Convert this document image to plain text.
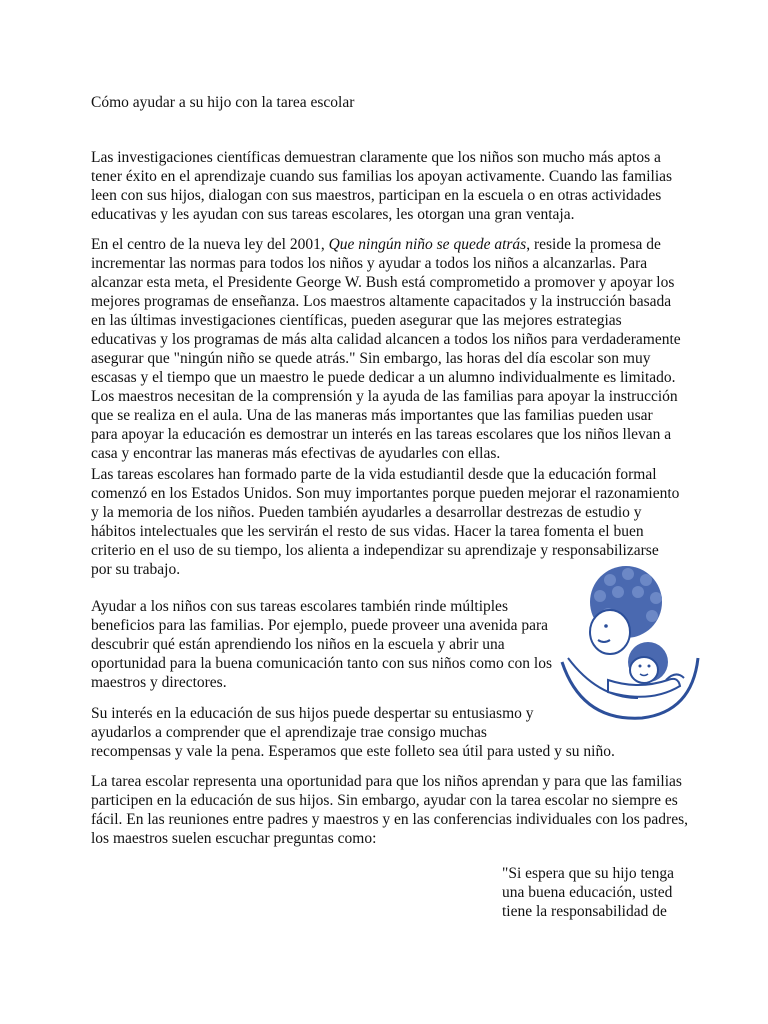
Cómo ayudar a su hijo con la tarea escolar

Las investigaciones científicas demuestran claramente que los niños son mucho más aptos a tener éxito en el aprendizaje cuando sus familias los apoyan activamente. Cuando las familias leen con sus hijos, dialogan con sus maestros, participan en la escuela o en otras actividades educativas y les ayudan con sus tareas escolares, les otorgan una gran ventaja.

En el centro de la nueva ley del 2001, Que ningún niño se quede atrás, reside la promesa de incrementar las normas para todos los niños y ayudar a todos los niños a alcanzarlas. Para alcanzar esta meta, el Presidente George W. Bush está comprometido a promover y apoyar los mejores programas de enseñanza. Los maestros altamente capacitados y la instrucción basada en las últimas investigaciones científicas, pueden asegurar que las mejores estrategias educativas y los programas de más alta calidad alcancen a todos los niños para verdaderamente asegurar que "ningún niño se quede atrás." Sin embargo, las horas del día escolar son muy escasas y el tiempo que un maestro le puede dedicar a un alumno individualmente es limitado. Los maestros necesitan de la comprensión y la ayuda de las familias para apoyar la instrucción que se realiza en el aula. Una de las maneras más importantes que las familias pueden usar para apoyar la educación es demostrar un interés en las tareas escolares que los niños llevan a casa y encontrar las maneras más efectivas de ayudarles con ellas.

Las tareas escolares han formado parte de la vida estudiantil desde que la educación formal comenzó en los Estados Unidos. Son muy importantes porque pueden mejorar el razonamiento y la memoria de los niños. Pueden también ayudarles a desarrollar destrezas de estudio y hábitos intelectuales que les servirán el resto de sus vidas. Hacer la tarea fomenta el buen criterio en el uso de su tiempo, los alienta a independizar su aprendizaje y responsabilizarse por su trabajo.

Ayudar a los niños con sus tareas escolares también rinde múltiples beneficios para las familias. Por ejemplo, puede proveer una avenida para descubrir qué están aprendiendo los niños en la escuela y abrir una oportunidad para la buena comunicación tanto con sus niños como con los maestros y directores.

Su interés en la educación de sus hijos puede despertar su entusiasmo y
ayudarlos a comprender que el aprendizaje trae consigo muchas
recompensas y vale la pena. Esperamos que este folleto sea útil para usted y su niño.

La tarea escolar representa una oportunidad para que los niños aprendan y para que las familias participen en la educación de sus hijos. Sin embargo, ayudar con la tarea escolar no siempre es fácil. En las reuniones entre padres y maestros y en las conferencias individuales con los padres, los maestros suelen escuchar preguntas como:

"Si espera que su hijo tenga
una buena educación, usted
tiene la responsabilidad de
